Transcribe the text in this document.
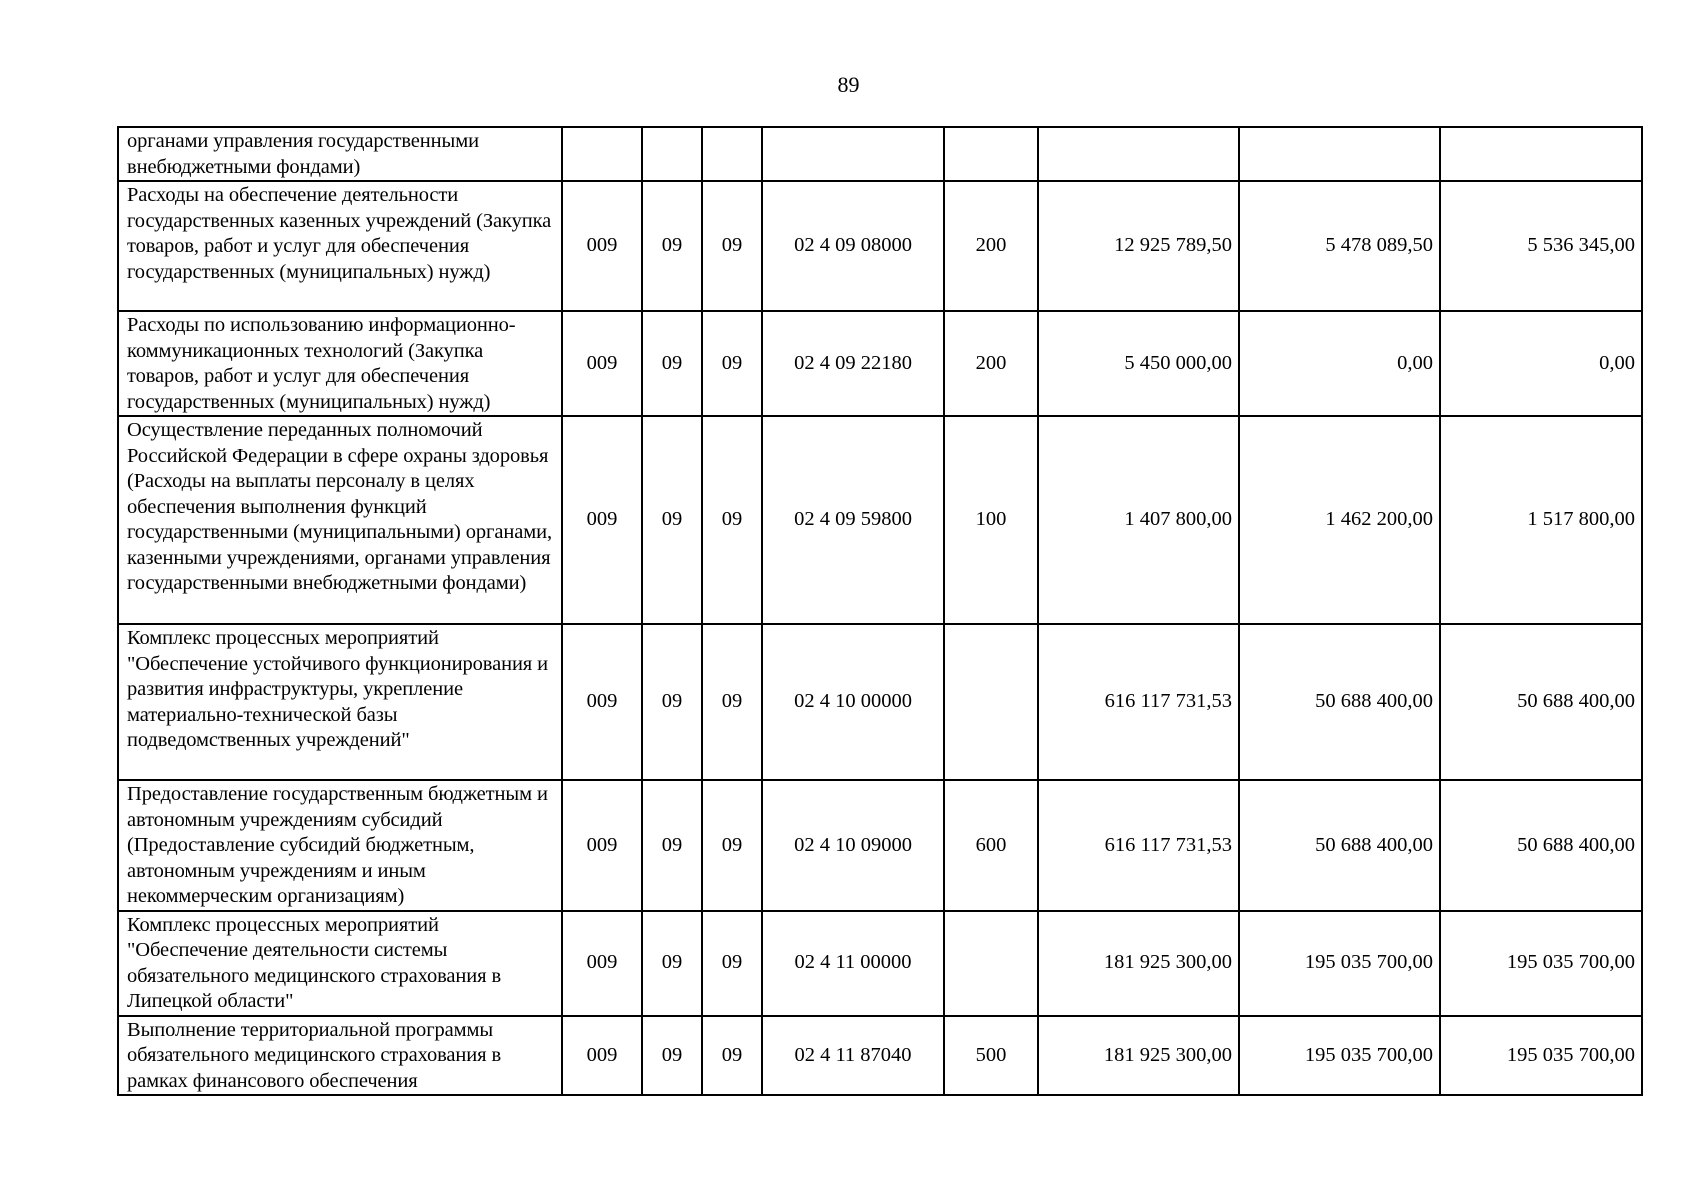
89
органами управления государственными внебюджетными фондами)								
Расходы на обеспечение деятельности государственных казенных учреждений (Закупка товаров, работ и услуг для обеспечения государственных (муниципальных) нужд)	009	09	09	02 4 09 08000	200	12 925 789,50	5 478 089,50	5 536 345,00
Расходы по использованию информационно-коммуникационных технологий (Закупка товаров, работ и услуг для обеспечения государственных (муниципальных) нужд)	009	09	09	02 4 09 22180	200	5 450 000,00	0,00	0,00
Осуществление переданных полномочий Российской Федерации в сфере охраны здоровья (Расходы на выплаты персоналу в целях обеспечения выполнения функций государственными (муниципальными) органами, казенными учреждениями, органами управления государственными внебюджетными фондами)	009	09	09	02 4 09 59800	100	1 407 800,00	1 462 200,00	1 517 800,00
Комплекс процессных мероприятий "Обеспечение устойчивого функционирования и развития инфраструктуры, укрепление материально-технической базы подведомственных учреждений"	009	09	09	02 4 10 00000		616 117 731,53	50 688 400,00	50 688 400,00
Предоставление государственным бюджетным и автономным учреждениям субсидий (Предоставление субсидий бюджетным, автономным учреждениям и иным некоммерческим организациям)	009	09	09	02 4 10 09000	600	616 117 731,53	50 688 400,00	50 688 400,00
Комплекс процессных мероприятий "Обеспечение деятельности системы обязательного медицинского страхования в Липецкой области"	009	09	09	02 4 11 00000		181 925 300,00	195 035 700,00	195 035 700,00
Выполнение территориальной программы обязательного медицинского страхования в рамках финансового обеспечения	009	09	09	02 4 11 87040	500	181 925 300,00	195 035 700,00	195 035 700,00
